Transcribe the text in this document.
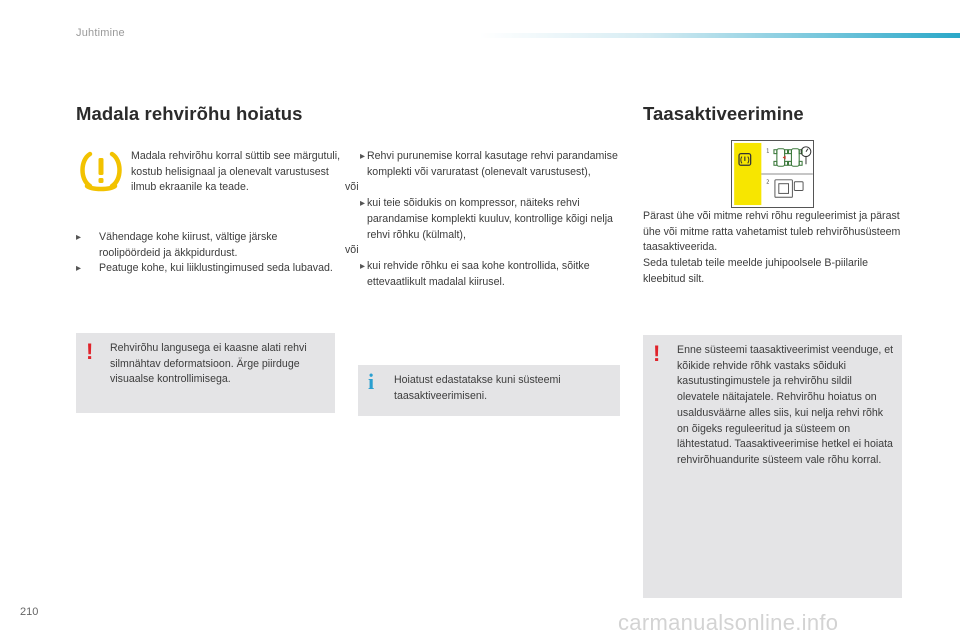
Juhtimine
Madala rehvirõhu hoiatus
Madala rehvirõhu korral süttib see märgutuli, kostub helisignaal ja olenevalt varustusest ilmub ekraanile ka teade.
▸ Vähendage kohe kiirust, vältige järske roolipöördeid ja äkkpidurdust.
▸ Peatuge kohe, kui liiklustingimused seda lubavad.
! Rehvirõhu langusega ei kaasne alati rehvi silmnähtav deformatsioon. Ärge piirduge visuaalse kontrollimisega.
▸ Rehvi purunemise korral kasutage rehvi parandamise komplekti või varuratast (olenevalt varustusest),
või
▸ kui teie sõidukis on kompressor, näiteks rehvi parandamise komplekti kuuluv, kontrollige kõigi nelja rehvi rõhku (külmalt),
või
▸ kui rehvide rõhku ei saa kohe kontrollida, sõitke ettevaatlikult madalal kiirusel.
i Hoiatust edastatakse kuni süsteemi taasaktiveerimiseni.
Taasaktiveerimine
1
2
Pärast ühe või mitme rehvi rõhu reguleerimist ja pärast ühe või mitme ratta vahetamist tuleb rehvirõhusüsteem taasaktiveerida.
Seda tuletab teile meelde juhipoolsele B-piilarile kleebitud silt.
! Enne süsteemi taasaktiveerimist veenduge, et kõikide rehvide rõhk vastaks sõiduki kasutustingimustele ja rehvirõhu sildil olevatele näitajatele. Rehvirõhu hoiatus on usaldusväärne alles siis, kui nelja rehvi rõhk on õigeks reguleeritud ja süsteem on lähtestatud. Taasaktiveerimise hetkel ei hoiata rehvirõhuandurite süsteem vale rõhu korral.
210	carmanualsonline.info
